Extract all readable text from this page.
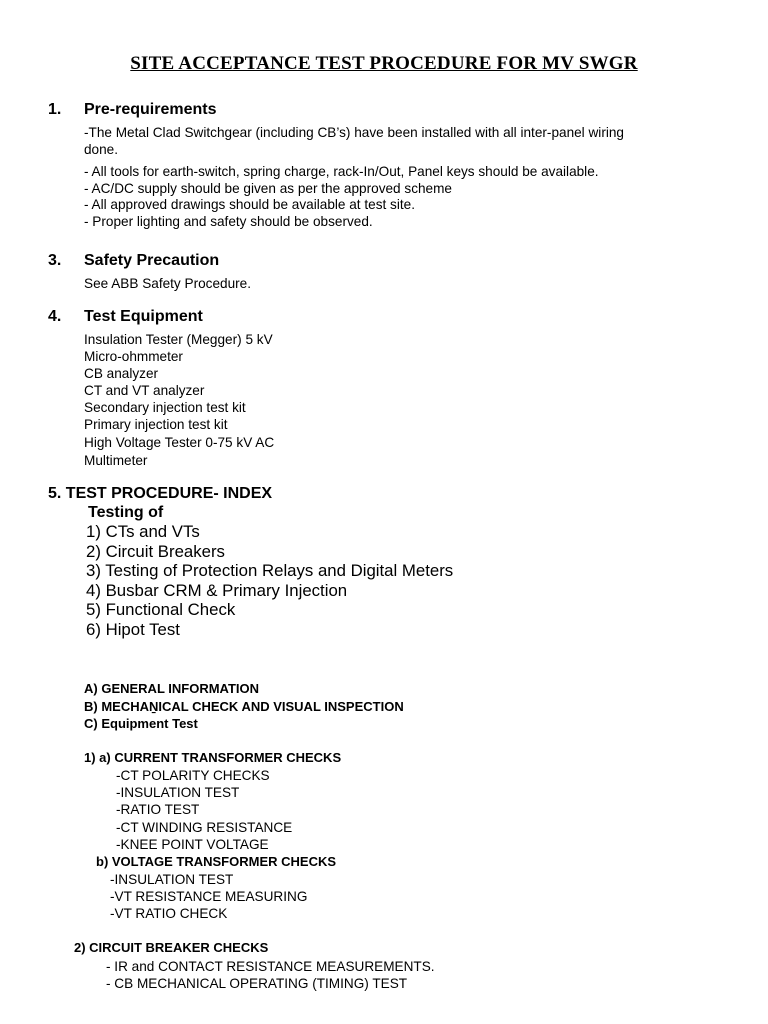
SITE ACCEPTANCE TEST PROCEDURE FOR MV SWGR
1. Pre-requirements
-The Metal Clad Switchgear (including CB’s) have been installed with all inter-panel wiring
done.
- All tools for earth-switch, spring charge, rack-In/Out, Panel keys should be available.
- AC/DC supply should be given as per the approved scheme
- All approved drawings should be available at test site.
- Proper lighting and safety should be observed.
3. Safety Precaution
See ABB Safety Procedure.
4. Test Equipment
Insulation Tester (Megger) 5 kV
Micro-ohmmeter
CB analyzer
CT and VT analyzer
Secondary injection test kit
Primary injection test kit
High Voltage Tester 0-75 kV AC
Multimeter
5. TEST PROCEDURE- INDEX
Testing of
1) CTs and VTs
2) Circuit Breakers
3) Testing of Protection Relays and Digital Meters
4) Busbar CRM & Primary Injection
5) Functional Check
6) Hipot Test
A) GENERAL INFORMATION
B) MECHAṈICAL CHECK AND VISUAL INSPECTION
C) Equipment Test
1) a) CURRENT TRANSFORMER CHECKS
-CT POLARITY CHECKS
-INSULATION TEST
-RATIO TEST
-CT WINDING RESISTANCE
-KNEE POINT VOLTAGE
b) VOLTAGE TRANSFORMER CHECKS
-INSULATION TEST
-VT RESISTANCE MEASURING
-VT RATIO CHECK
2) CIRCUIT BREAKER CHECKS
- IR and CONTACT RESISTANCE MEASUREMENTS.
- CB MECHANICAL OPERATING (TIMING) TEST
